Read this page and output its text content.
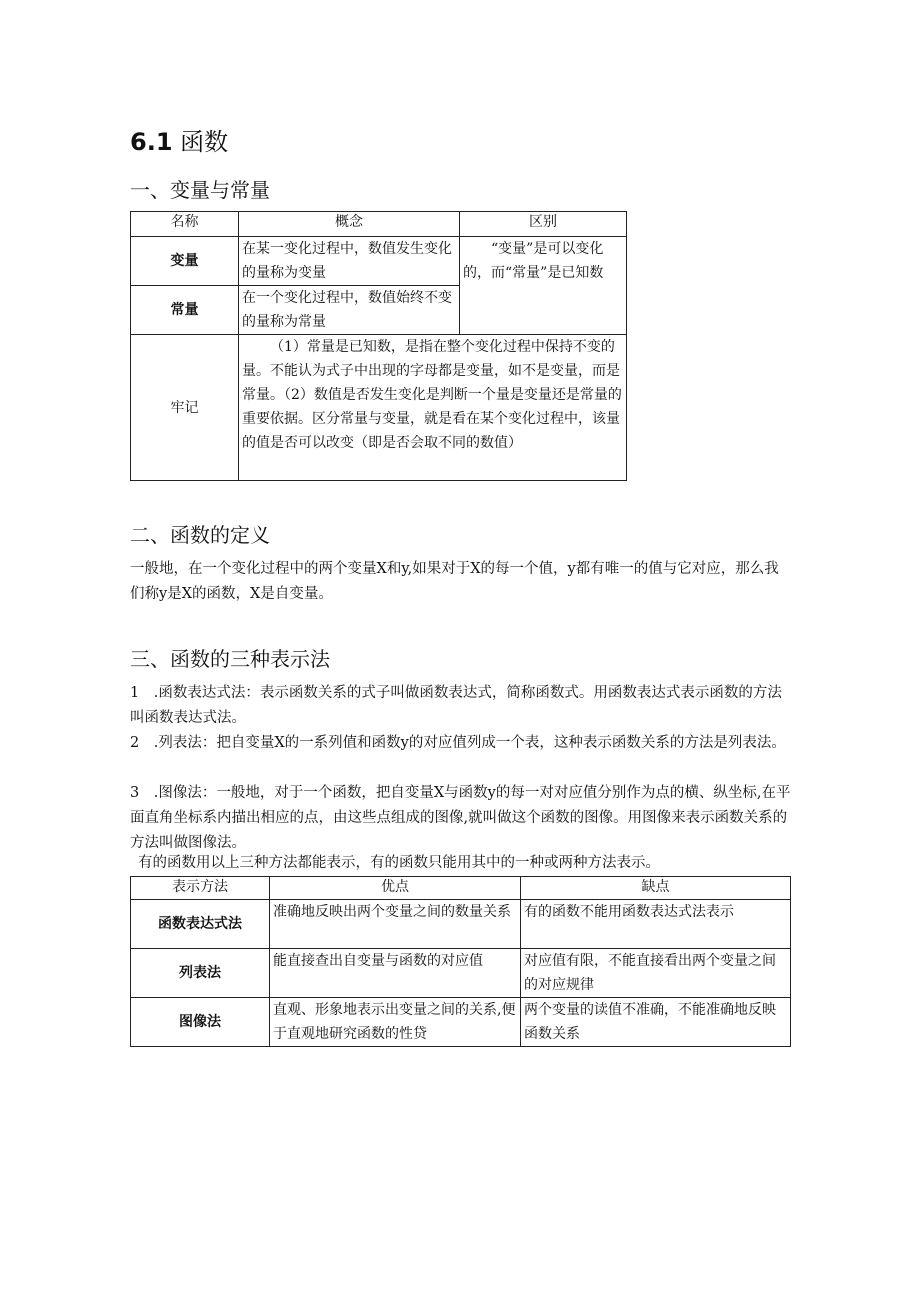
6.1 函数
一、变量与常量
名称	概念	区别
变量	在某一变化过程中，数值发生变化的量称为变量	“变量”是可以变化的，而“常量”是已知数
常量	在一个变化过程中，数值始终不变的量称为常量	
牢记	（1）常量是已知数，是指在整个变化过程中保持不变的量。不能认为式子中出现的字母都是变量，如不是变量，而是常量。（2）数值是否发生变化是判断一个量是变量还是常量的重要依据。区分常量与变量，就是看在某个变化过程中，该量的值是否可以改变（即是否会取不同的数值）	
二、函数的定义
一般地，在一个变化过程中的两个变量X和y,如果对于X的每一个值，y都有唯一的值与它对应，那么我们称y是X的函数，X是自变量。
三、函数的三种表示法
1　.函数表达式法：表示函数关系的式子叫做函数表达式，简称函数式。用函数表达式表示函数的方法叫函数表达式法。
2　.列表法：把自变量X的一系列值和函数y的对应值列成一个表，这种表示函数关系的方法是列表法。
3　.图像法：一般地，对于一个函数，把自变量X与函数y的每一对对应值分别作为点的横、纵坐标,在平面直角坐标系内描出相应的点，由这些点组成的图像,就叫做这个函数的图像。用图像来表示函数关系的方法叫做图像法。
有的函数用以上三种方法都能表示，有的函数只能用其中的一种或两种方法表示。
表示方法	优点	缺点
函数表达式法	准确地反映出两个变量之间的数量关系	有的函数不能用函数表达式法表示
列表法	能直接查出自变量与函数的对应值	对应值有限，不能直接看出两个变量之间的对应规律
图像法	直观、形象地表示出变量之间的关系,便于直观地研究函数的性贷	两个变量的读值不准确，不能准确地反映函数关系
